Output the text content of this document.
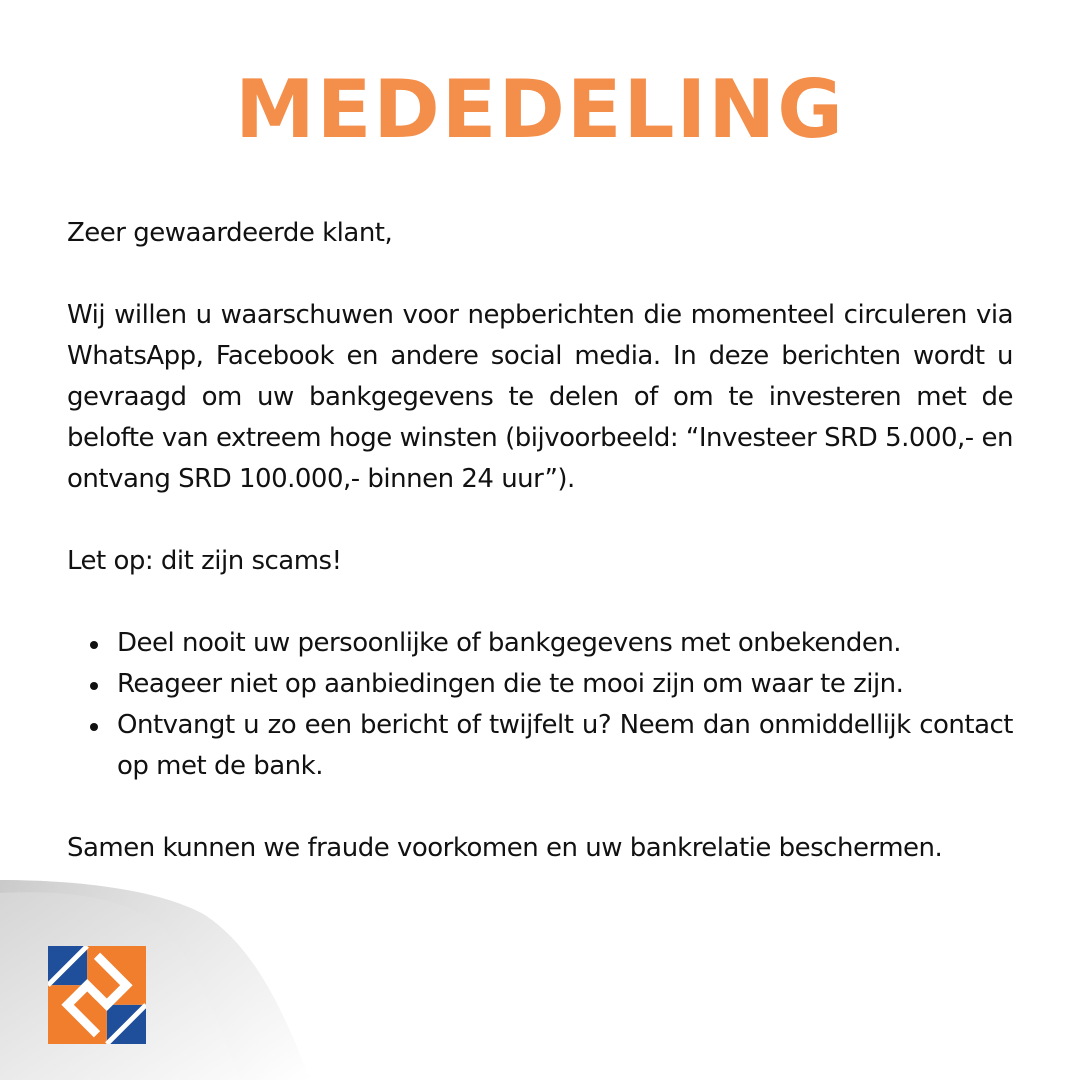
MEDEDELING

Zeer gewaardeerde klant,

Wij willen u waarschuwen voor nepberichten die momenteel circuleren via WhatsApp, Facebook en andere social media. In deze berichten wordt u gevraagd om uw bankgegevens te delen of om te investeren met de belofte van extreem hoge winsten (bijvoorbeeld: “Investeer SRD 5.000,- en ontvang SRD 100.000,- binnen 24 uur”).

Let op: dit zijn scams!

Deel nooit uw persoonlijke of bankgegevens met onbekenden.
Reageer niet op aanbiedingen die te mooi zijn om waar te zijn.
Ontvangt u zo een bericht of twijfelt u? Neem dan onmiddellijk contact op met de bank.

Samen kunnen we fraude voorkomen en uw bankrelatie beschermen.
